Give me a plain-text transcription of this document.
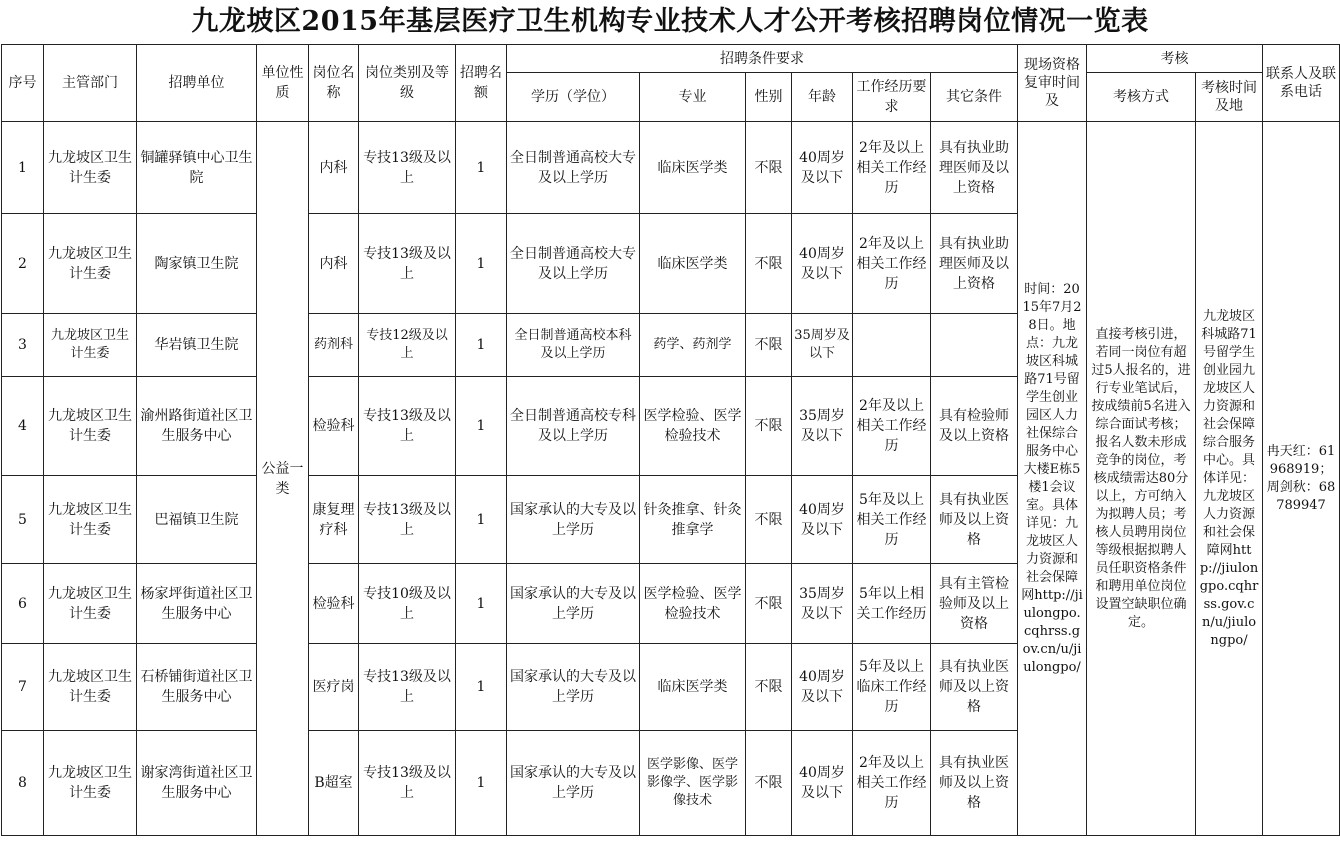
九龙坡区2015年基层医疗卫生机构专业技术人才公开考核招聘岗位情况一览表
序号	主管部门	招聘单位	单位性质	岗位名称	岗位类别及等级	招聘名额	招聘条件要求						现场资格复审时间及	考核		联系人及联系电话
							学历（学位）	专业	性别	年龄	工作经历要求	其它条件		考核方式	考核时间及地	
1	九龙坡区卫生计生委	铜罐驿镇中心卫生院	公益一类	内科	专技13级及以上	1	全日制普通高校大专及以上学历	临床医学类	不限	40周岁及以下	2年及以上相关工作经历	具有执业助理医师及以上资格	时间：2015年7月28日。地点：九龙坡区科城路71号留学生创业园区人力社保综合服务中心大楼E栋5楼1会议室。具体详见：九龙坡区人力资源和社会保障网http://jiulongpo.cqhrss.gov.cn/u/jiulongpo/	直接考核引进，若同一岗位有超过5人报名的，进行专业笔试后，按成绩前5名进入综合面试考核；报名人数未形成竞争的岗位，考核成绩需达80分以上，方可纳入为拟聘人员；考核人员聘用岗位等级根据拟聘人员任职资格条件和聘用单位岗位设置空缺职位确定。	九龙坡区科城路71号留学生创业园九龙坡区人力资源和社会保障综合服务中心。具体详见：九龙坡区人力资源和社会保障网http://jiulongpo.cqhrss.gov.cn/u/jiulongpo/	冉天红：61968919；周剑秋：68789947
2	九龙坡区卫生计生委	陶家镇卫生院		内科	专技13级及以上	1	全日制普通高校大专及以上学历	临床医学类	不限	40周岁及以下	2年及以上相关工作经历	具有执业助理医师及以上资格				
3	九龙坡区卫生计生委	华岩镇卫生院		药剂科	专技12级及以上	1	全日制普通高校本科及以上学历	药学、药剂学	不限	35周岁及以下						
4	九龙坡区卫生计生委	渝州路街道社区卫生服务中心		检验科	专技13级及以上	1	全日制普通高校专科及以上学历	医学检验、医学检验技术	不限	35周岁及以下	2年及以上相关工作经历	具有检验师及以上资格				
5	九龙坡区卫生计生委	巴福镇卫生院		康复理疗科	专技13级及以上	1	国家承认的大专及以上学历	针灸推拿、针灸推拿学	不限	40周岁及以下	5年及以上相关工作经历	具有执业医师及以上资格				
6	九龙坡区卫生计生委	杨家坪街道社区卫生服务中心		检验科	专技10级及以上	1	国家承认的大专及以上学历	医学检验、医学检验技术	不限	35周岁及以下	5年以上相关工作经历	具有主管检验师及以上资格				
7	九龙坡区卫生计生委	石桥铺街道社区卫生服务中心		医疗岗	专技13级及以上	1	国家承认的大专及以上学历	临床医学类	不限	40周岁及以下	5年及以上临床工作经历	具有执业医师及以上资格				
8	九龙坡区卫生计生委	谢家湾街道社区卫生服务中心		B超室	专技13级及以上	1	国家承认的大专及以上学历	医学影像、医学影像学、医学影像技术	不限	40周岁及以下	2年及以上相关工作经历	具有执业医师及以上资格				
